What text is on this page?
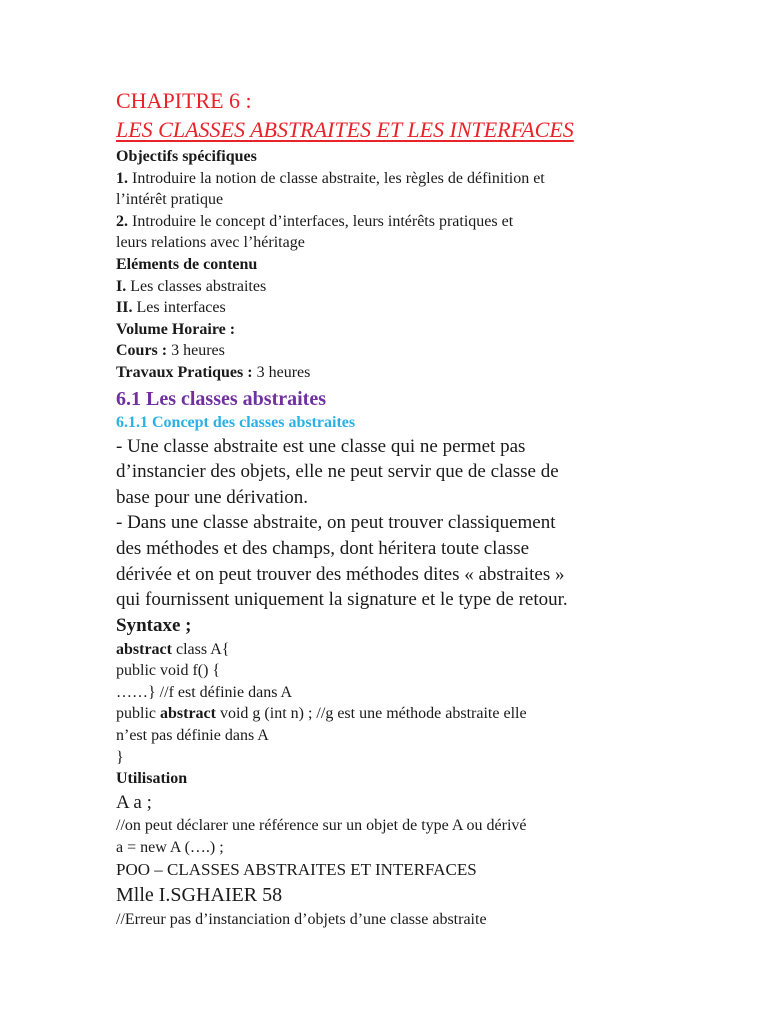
CHAPITRE 6 :
LES CLASSES ABSTRAITES ET LES INTERFACES
Objectifs spécifiques
1. Introduire la notion de classe abstraite, les règles de définition et
l’intérêt pratique
2. Introduire le concept d’interfaces, leurs intérêts pratiques et
leurs relations avec l’héritage
Eléments de contenu
I. Les classes abstraites
II. Les interfaces
Volume Horaire :
Cours : 3 heures
Travaux Pratiques : 3 heures
6.1 Les classes abstraites
6.1.1 Concept des classes abstraites
- Une classe abstraite est une classe qui ne permet pas
d’instancier des objets, elle ne peut servir que de classe de
base pour une dérivation.
- Dans une classe abstraite, on peut trouver classiquement
des méthodes et des champs, dont héritera toute classe
dérivée et on peut trouver des méthodes dites « abstraites »
qui fournissent uniquement la signature et le type de retour.
Syntaxe ;
abstract class A{
public void f() {
……} //f est définie dans A
public abstract void g (int n) ; //g est une méthode abstraite elle
n’est pas définie dans A
}
Utilisation
A a ;
//on peut déclarer une référence sur un objet de type A ou dérivé
a = new A (….) ;
POO – CLASSES ABSTRAITES ET INTERFACES
Mlle I.SGHAIER 58
//Erreur pas d’instanciation d’objets d’une classe abstraite
